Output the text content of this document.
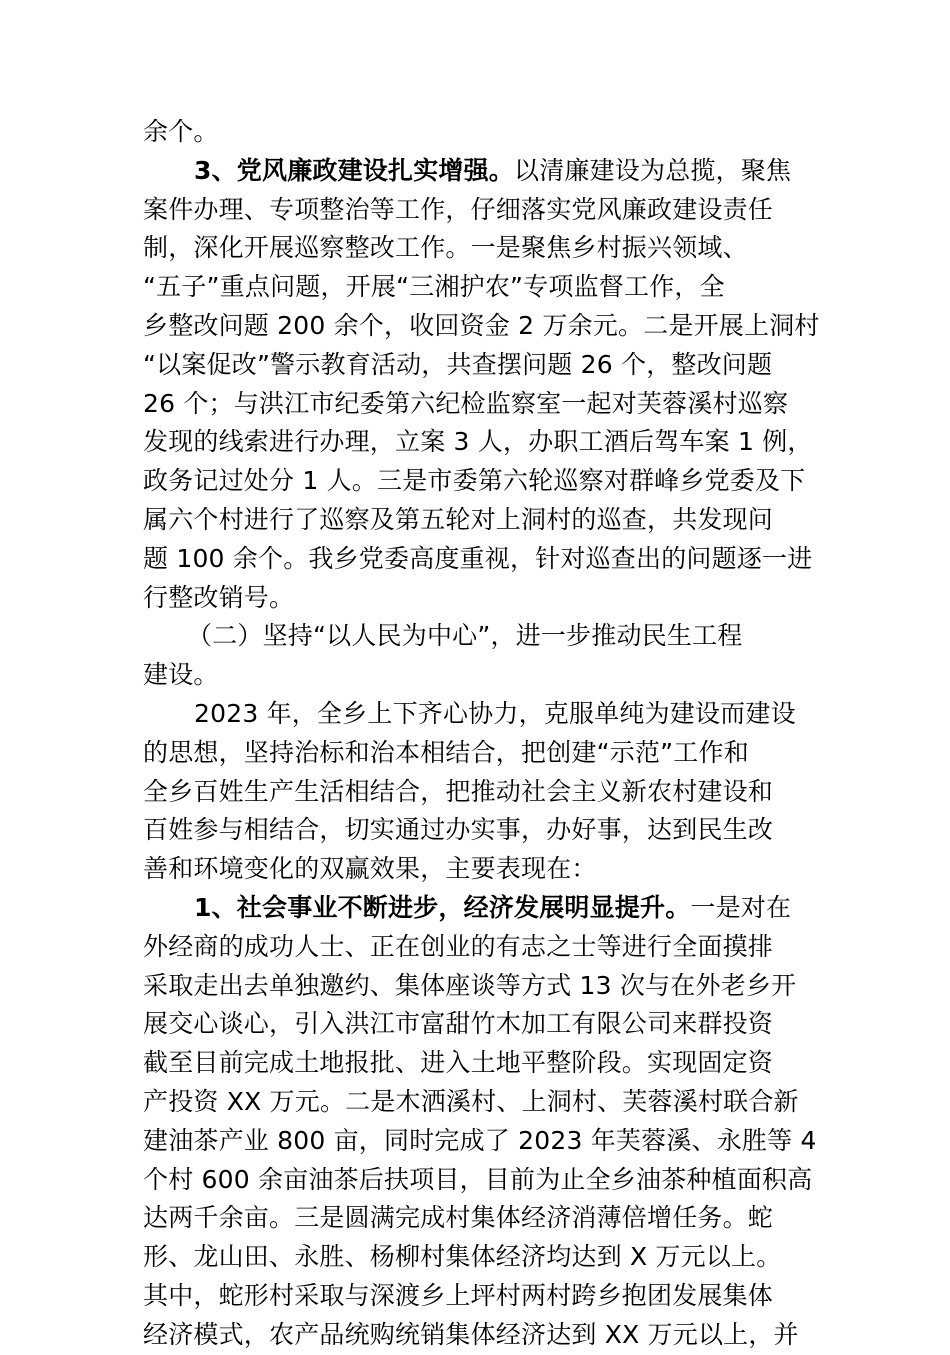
余个。
3、党风廉政建设扎实增强。以清廉建设为总揽，聚焦
案件办理、专项整治等工作，仔细落实党风廉政建设责任
制，深化开展巡察整改工作。一是聚焦乡村振兴领域、
“五子”重点问题，开展“三湘护农”专项监督工作，全
乡整改问题 200 余个，收回资金 2 万余元。二是开展上洞村
“以案促改”警示教育活动，共查摆问题 26 个，整改问题
26 个；与洪江市纪委第六纪检监察室一起对芙蓉溪村巡察
发现的线索进行办理，立案 3 人，办职工酒后驾车案 1 例，
政务记过处分 1 人。三是市委第六轮巡察对群峰乡党委及下
属六个村进行了巡察及第五轮对上洞村的巡查，共发现问
题 100 余个。我乡党委高度重视，针对巡查出的问题逐一进
行整改销号。
（二）坚持“以人民为中心”，进一步推动民生工程
建设。
2023 年，全乡上下齐心协力，克服单纯为建设而建设
的思想，坚持治标和治本相结合，把创建“示范”工作和
全乡百姓生产生活相结合，把推动社会主义新农村建设和
百姓参与相结合，切实通过办实事，办好事，达到民生改
善和环境变化的双赢效果，主要表现在：
1、社会事业不断进步，经济发展明显提升。一是对在
外经商的成功人士、正在创业的有志之士等进行全面摸排
采取走出去单独邀约、集体座谈等方式 13 次与在外老乡开
展交心谈心，引入洪江市富甜竹木加工有限公司来群投资
截至目前完成土地报批、进入土地平整阶段。实现固定资
产投资 XX 万元。二是木洒溪村、上洞村、芙蓉溪村联合新
建油茶产业 800 亩，同时完成了 2023 年芙蓉溪、永胜等 4
个村 600 余亩油茶后扶项目，目前为止全乡油茶种植面积高
达两千余亩。三是圆满完成村集体经济消薄倍增任务。蛇
形、龙山田、永胜、杨柳村集体经济均达到 X 万元以上。
其中，蛇形村采取与深渡乡上坪村两村跨乡抱团发展集体
经济模式，农产品统购统销集体经济达到 XX 万元以上，并
